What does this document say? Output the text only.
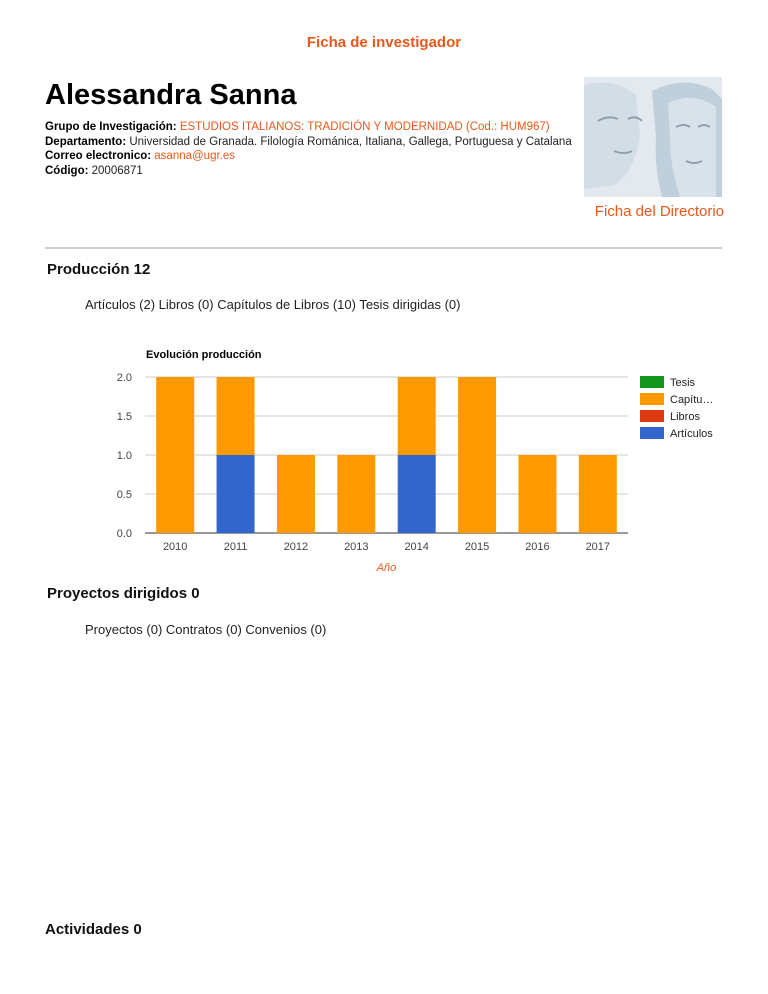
Ficha de investigador
Alessandra Sanna
Grupo de Investigación: ESTUDIOS ITALIANOS: TRADICIÓN Y MODERNIDAD (Cod.: HUM967)
Departamento: Universidad de Granada. Filología Románica, Italiana, Gallega, Portuguesa y Catalana
Correo electronico: asanna@ugr.es
Código: 20006871
Ficha del Directorio
Producción 12
Artículos (2) Libros (0) Capítulos de Libros (10) Tesis dirigidas (0)
Evolución producción
0.0
0.5
1.0
1.5
2.0
2010	2011	2012	2013	2014	2015	2016	2017
Año
Tesis
Capítu…
Libros
Artículos
Proyectos dirigidos 0
Proyectos (0) Contratos (0) Convenios (0)
Actividades 0
